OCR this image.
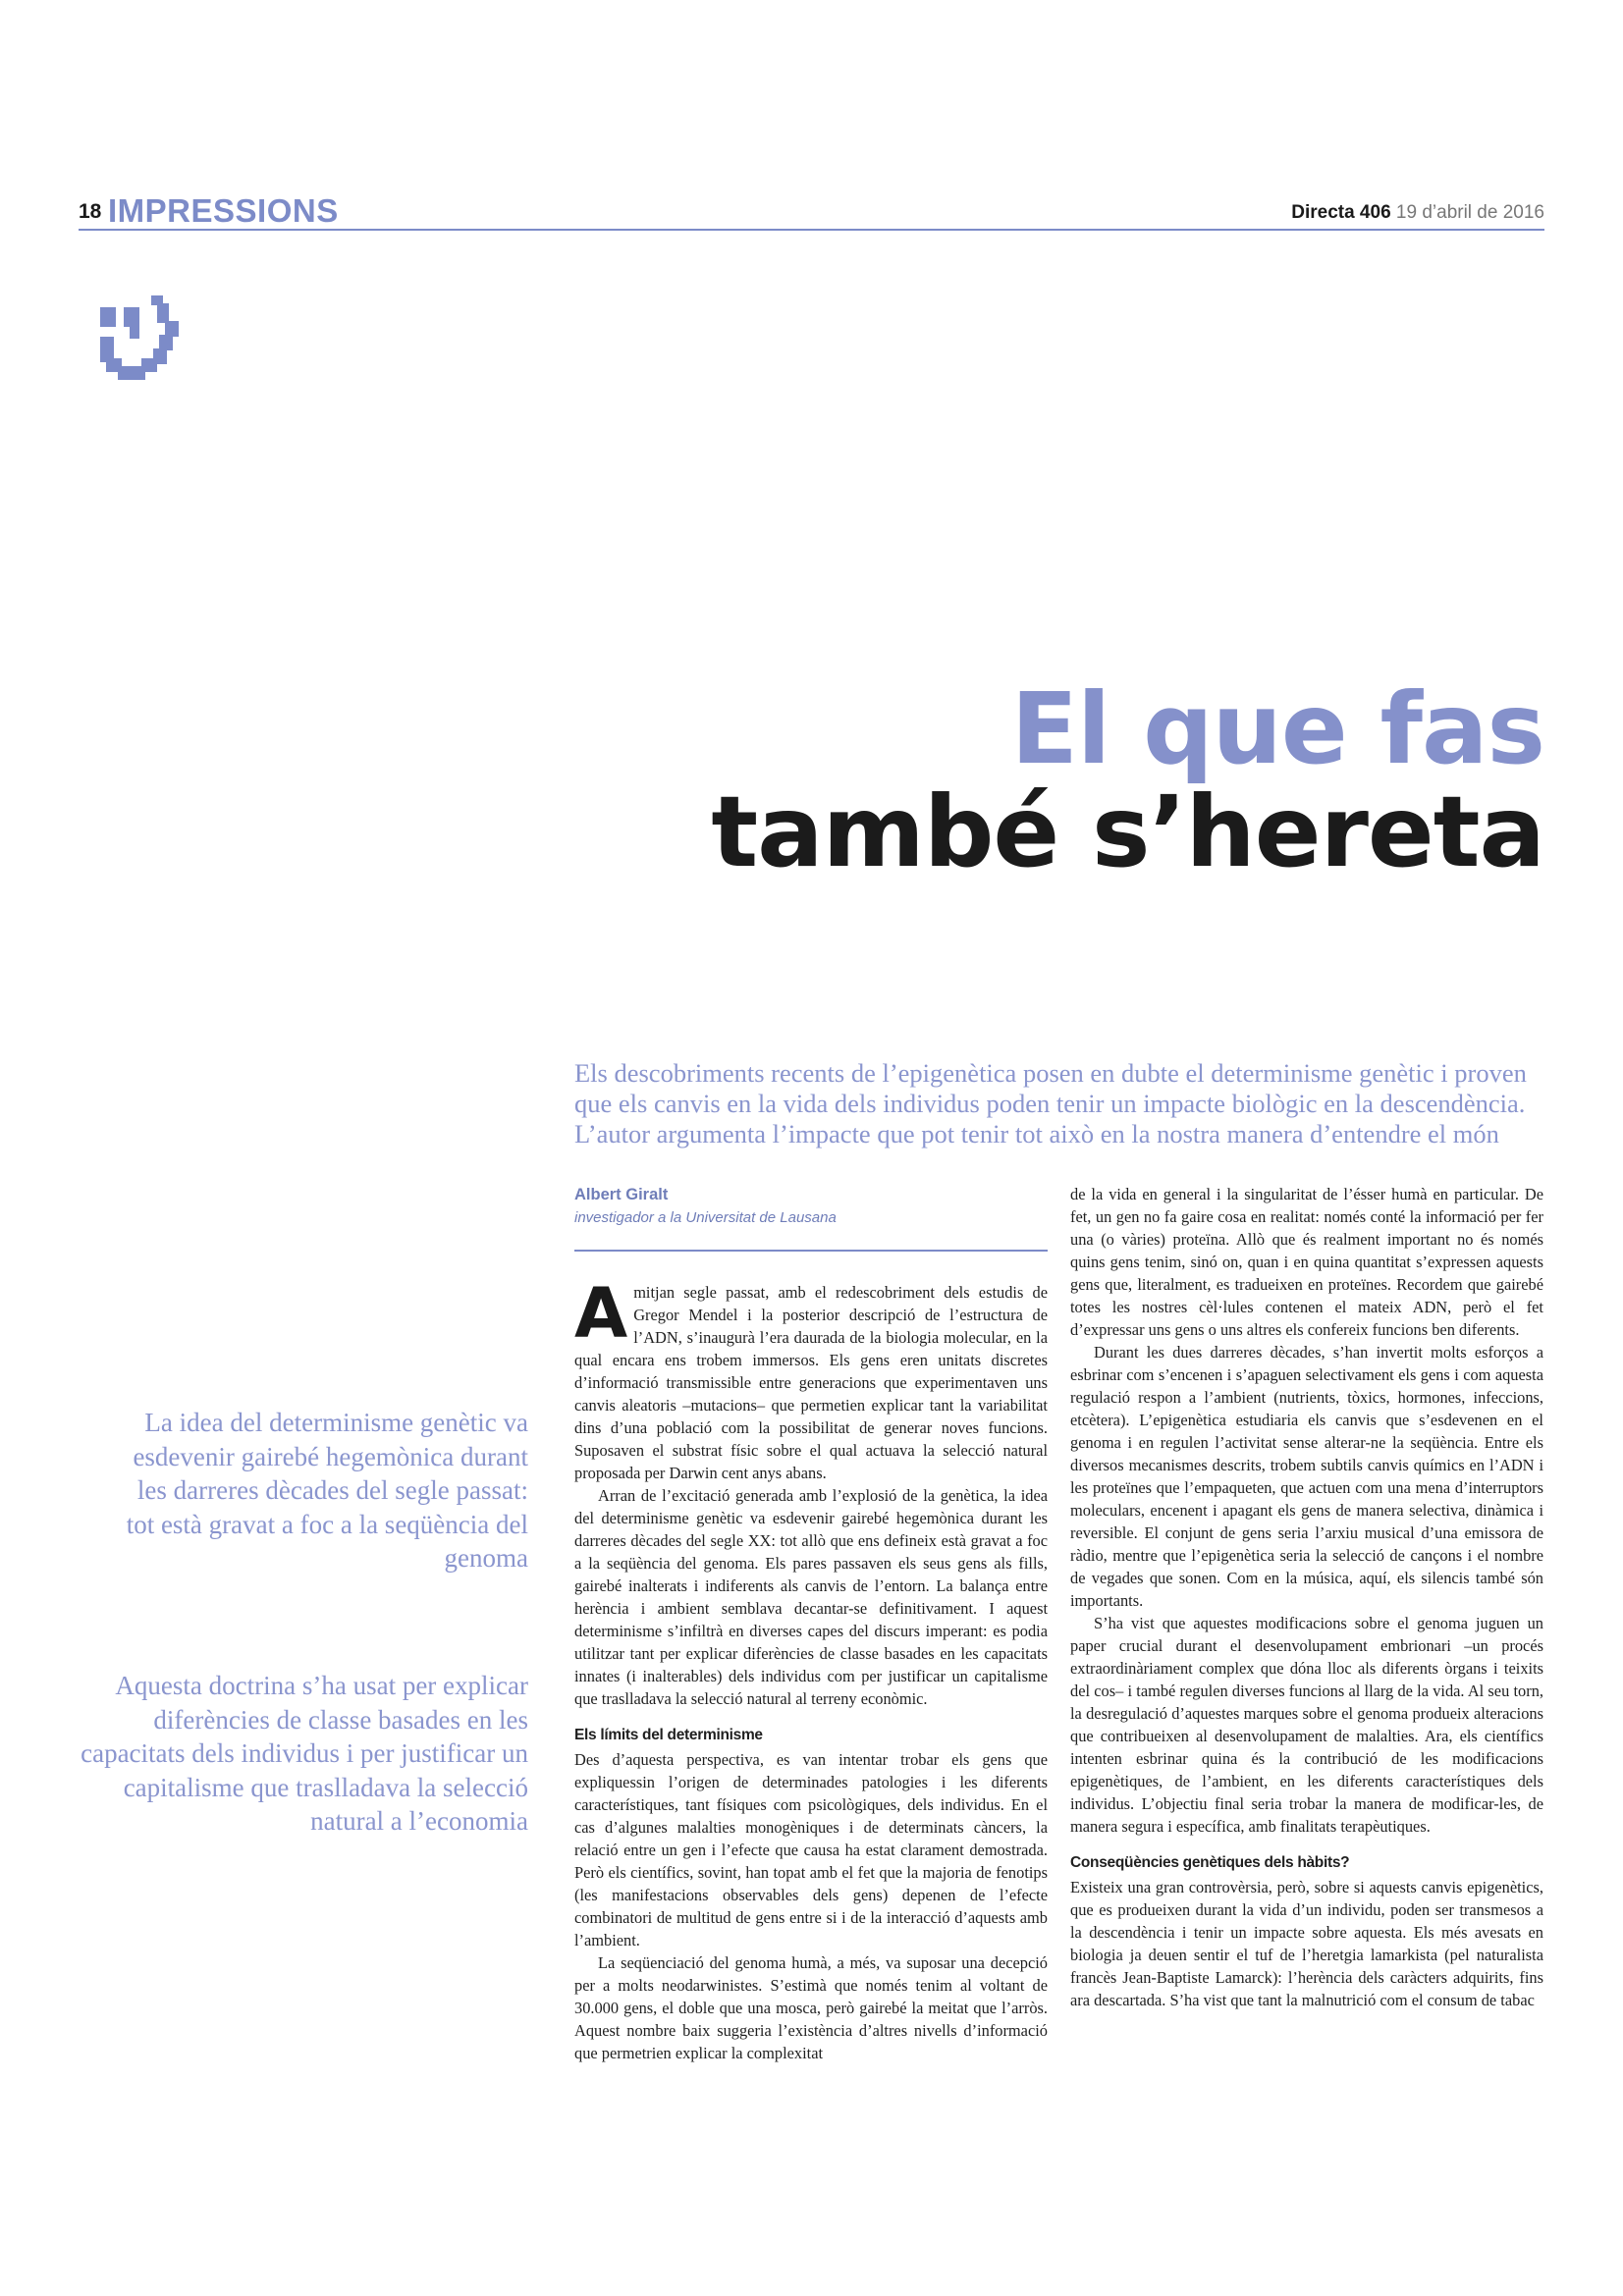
18 IMPRESSIONS	Directa 406 19 d’abril de 2016
El que fas
també s’hereta
Els descobriments recents de l’epigenètica posen en dubte el determinisme genètic i proven que els canvis en la vida dels individus poden tenir un impacte biològic en la descendència. L’autor argumenta l’impacte que pot tenir tot això en la nostra manera d’entendre el món
Albert Giralt
investigador a la Universitat de Lausana
La idea del determinisme genètic va esdevenir gairebé hegemònica durant les darreres dècades del segle passat: tot està gravat a foc a la seqüència del genoma
Aquesta doctrina s’ha usat per explicar diferències de classe basades en les capacitats dels individus i per justificar un capitalisme que traslladava la selecció natural a l’economia

Amitjan segle passat, amb el redescobriment dels estudis de Gregor Mendel i la posterior descripció de l’estructura de l’ADN, s’inaugurà l’era daurada de la biologia molecular, en la qual encara ens trobem immersos. Els gens eren unitats discretes d’informació transmissible entre generacions que experimentaven uns canvis aleatoris –mutacions– que permetien explicar tant la variabilitat dins d’una població com la possibilitat de generar noves funcions. Suposaven el substrat físic sobre el qual actuava la selecció natural proposada per Darwin cent anys abans.

Arran de l’excitació generada amb l’explosió de la genètica, la idea del determinisme genètic va esdevenir gairebé hegemònica durant les darreres dècades del segle XX: tot allò que ens defineix està gravat a foc a la seqüència del genoma. Els pares passaven els seus gens als fills, gairebé inalterats i indiferents als canvis de l’entorn. La balança entre herència i ambient semblava decantar-se definitivament. I aquest determinisme s’infiltrà en diverses capes del discurs imperant: es podia utilitzar tant per explicar diferències de classe basades en les capacitats innates (i inalterables) dels individus com per justificar un capitalisme que traslladava la selecció natural al terreny econòmic.

Els límits del determinisme

Des d’aquesta perspectiva, es van intentar trobar els gens que expliquessin l’origen de determinades patologies i les diferents característiques, tant físiques com psicològiques, dels individus. En el cas d’algunes malalties monogèniques i de determinats càncers, la relació entre un gen i l’efecte que causa ha estat clarament demostrada. Però els científics, sovint, han topat amb el fet que la majoria de fenotips (les manifestacions observables dels gens) depenen de l’efecte combinatori de multitud de gens entre si i de la interacció d’aquests amb l’ambient.

La seqüenciació del genoma humà, a més, va suposar una decepció per a molts neodarwinistes. S’estimà que només tenim al voltant de 30.000 gens, el doble que una mosca, però gairebé la meitat que l’arròs. Aquest nombre baix suggeria l’existència d’altres nivells d’informació que permetrien explicar la complexitat

de la vida en general i la singularitat de l’ésser humà en particular. De fet, un gen no fa gaire cosa en realitat: només conté la informació per fer una (o vàries) proteïna. Allò que és realment important no és només quins gens tenim, sinó on, quan i en quina quantitat s’expressen aquests gens que, literalment, es tradueixen en proteïnes. Recordem que gairebé totes les nostres cèl·lules contenen el mateix ADN, però el fet d’expressar uns gens o uns altres els confereix funcions ben diferents.

Durant les dues darreres dècades, s’han invertit molts esforços a esbrinar com s’encenen i s’apaguen selectivament els gens i com aquesta regulació respon a l’ambient (nutrients, tòxics, hormones, infeccions, etcètera). L’epigenètica estudiaria els canvis que s’esdevenen en el genoma i en regulen l’activitat sense alterar-ne la seqüència. Entre els diversos mecanismes descrits, trobem subtils canvis químics en l’ADN i les proteïnes que l’empaqueten, que actuen com una mena d’interruptors moleculars, encenent i apagant els gens de manera selectiva, dinàmica i reversible. El conjunt de gens seria l’arxiu musical d’una emissora de ràdio, mentre que l’epigenètica seria la selecció de cançons i el nombre de vegades que sonen. Com en la música, aquí, els silencis també són importants.

S’ha vist que aquestes modificacions sobre el genoma juguen un paper crucial durant el desenvolupament embrionari –un procés extraordinàriament complex que dóna lloc als diferents òrgans i teixits del cos– i també regulen diverses funcions al llarg de la vida. Al seu torn, la desregulació d’aquestes marques sobre el genoma produeix alteracions que contribueixen al desenvolupament de malalties. Ara, els científics intenten esbrinar quina és la contribució de les modificacions epigenètiques, de l’ambient, en les diferents característiques dels individus. L’objectiu final seria trobar la manera de modificar-les, de manera segura i específica, amb finalitats terapèutiques.

Conseqüències genètiques dels hàbits?

Existeix una gran controvèrsia, però, sobre si aquests canvis epigenètics, que es produeixen durant la vida d’un individu, poden ser transmesos a la descendència i tenir un impacte sobre aquesta. Els més avesats en biologia ja deuen sentir el tuf de l’heretgia lamarkista (pel naturalista francès Jean-Baptiste Lamarck): l’herència dels caràcters adquirits, fins ara descartada. S’ha vist que tant la malnutrició com el consum de tabac
